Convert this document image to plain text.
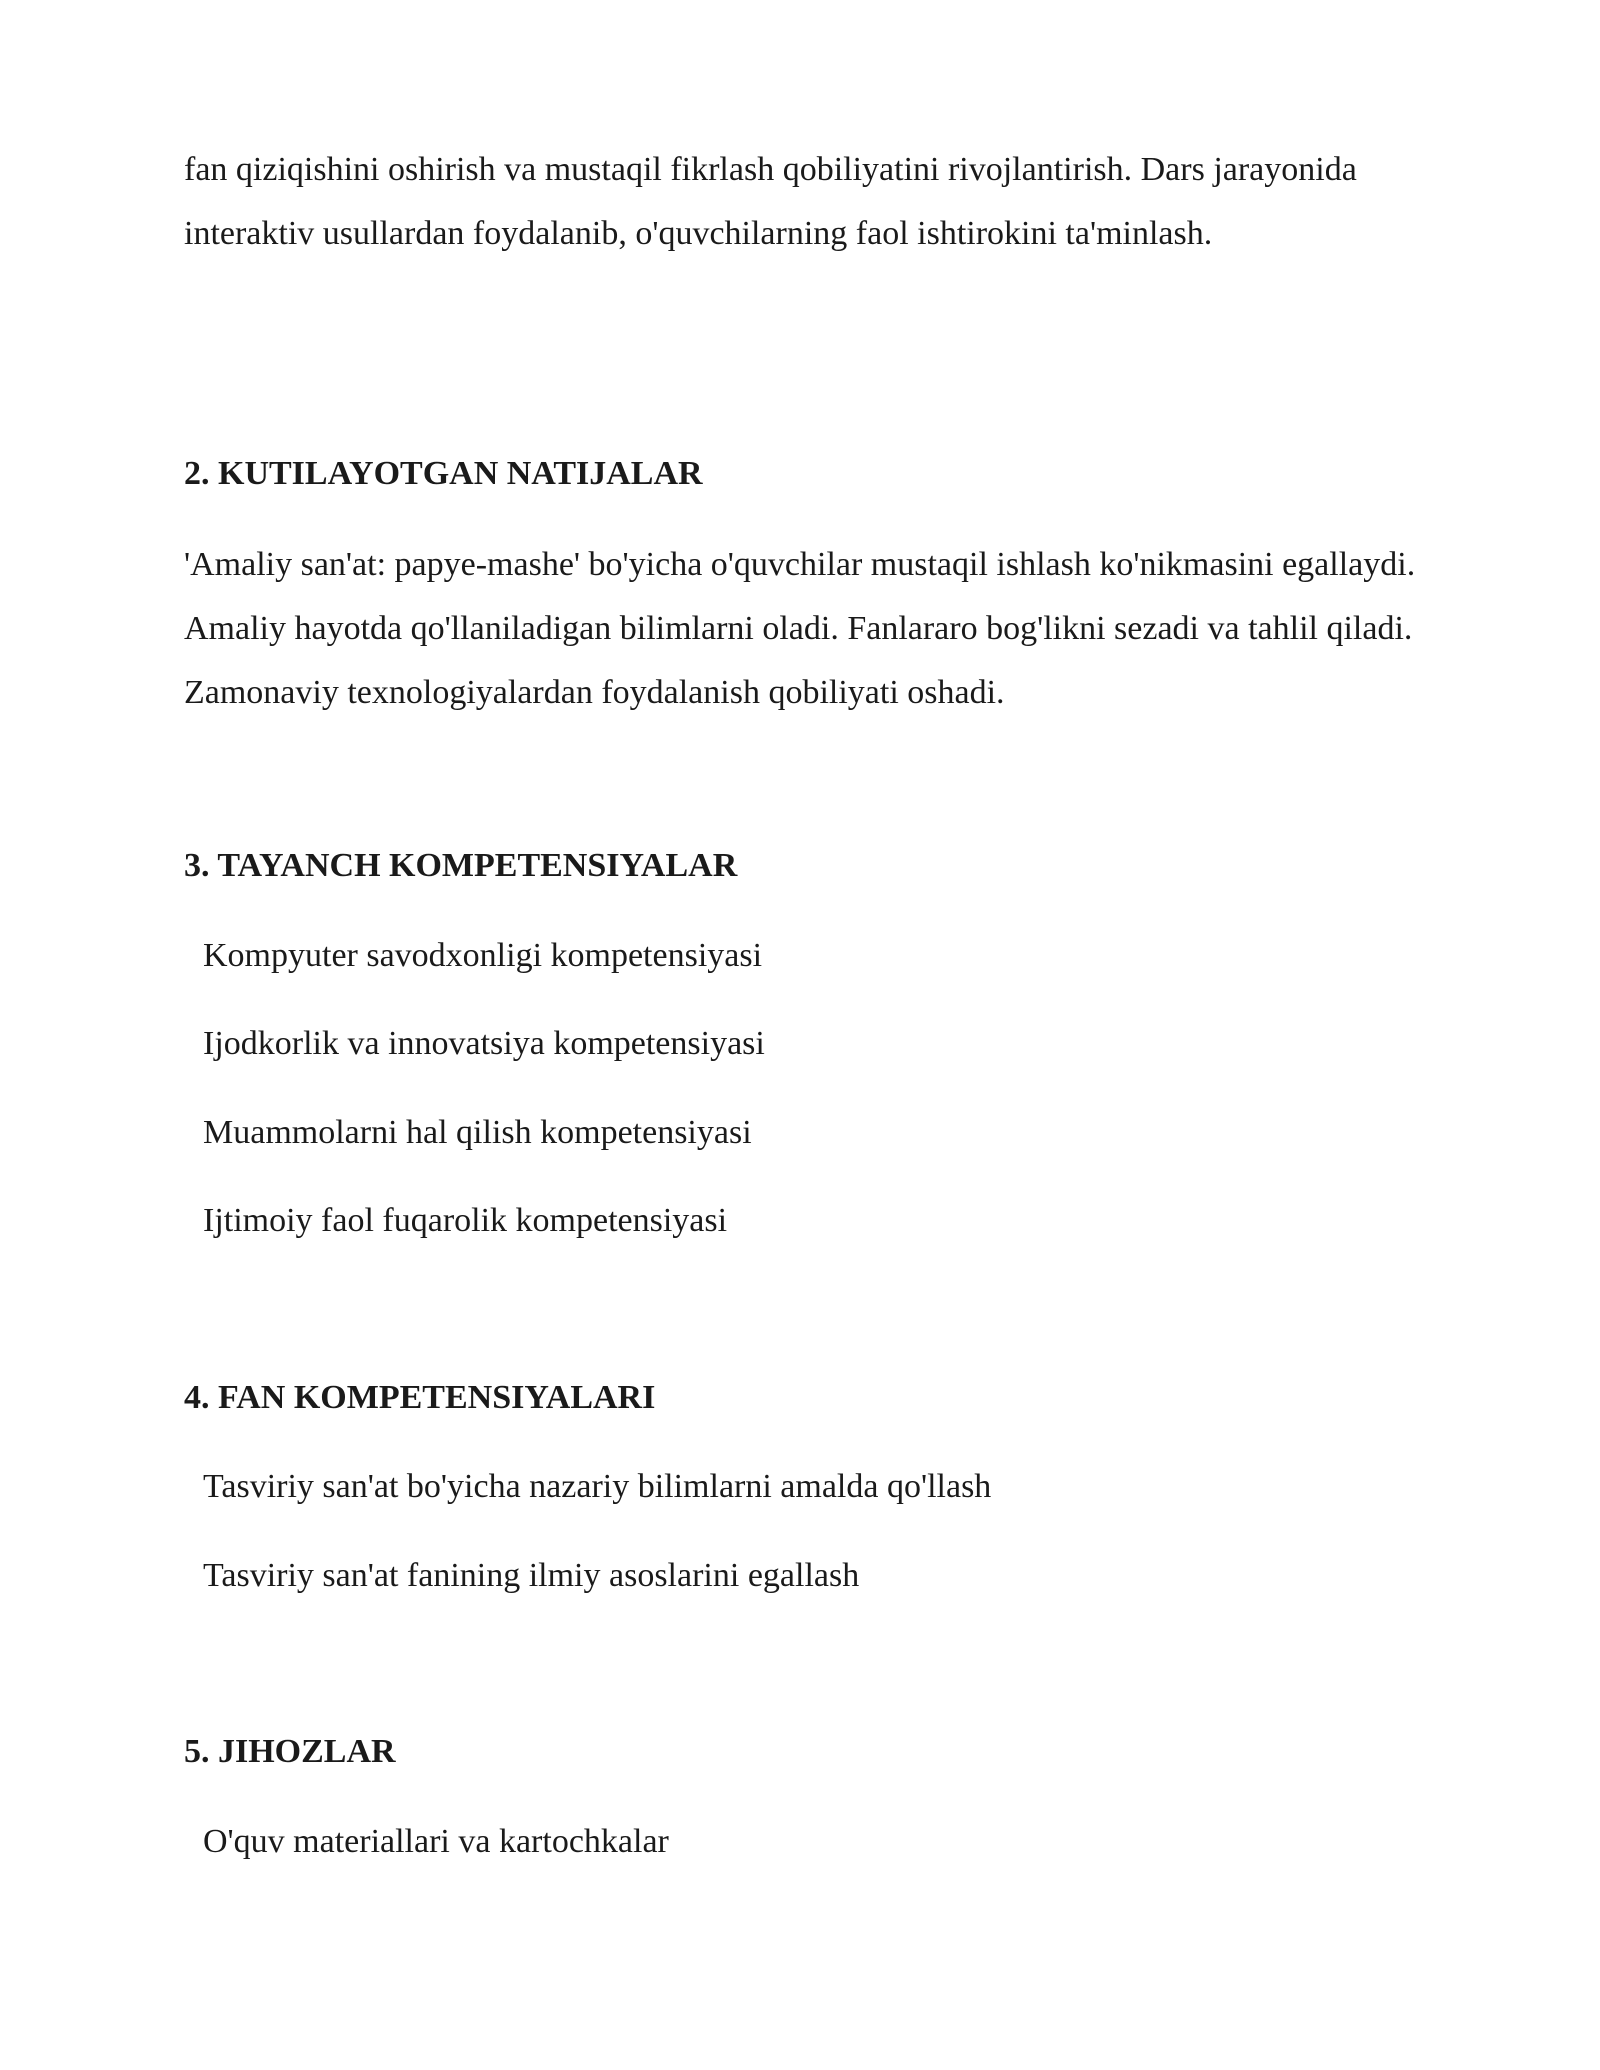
fan qiziqishini oshirish va mustaqil fikrlash qobiliyatini rivojlantirish. Dars jarayonida interaktiv usullardan foydalanib, o'quvchilarning faol ishtirokini ta'minlash.

2. KUTILAYOTGAN NATIJALAR

'Amaliy san'at: papye-mashe' bo'yicha o'quvchilar mustaqil ishlash ko'nikmasini egallaydi. Amaliy hayotda qo'llaniladigan bilimlarni oladi. Fanlararo bog'likni sezadi va tahlil qiladi. Zamonaviy texnologiyalardan foydalanish qobiliyati oshadi.

3. TAYANCH KOMPETENSIYALAR
Kompyuter savodxonligi kompetensiyasi
Ijodkorlik va innovatsiya kompetensiyasi
Muammolarni hal qilish kompetensiyasi
Ijtimoiy faol fuqarolik kompetensiyasi
4. FAN KOMPETENSIYALARI
Tasviriy san'at bo'yicha nazariy bilimlarni amalda qo'llash
Tasviriy san'at fanining ilmiy asoslarini egallash
5. JIHOZLAR
O'quv materiallari va kartochkalar
